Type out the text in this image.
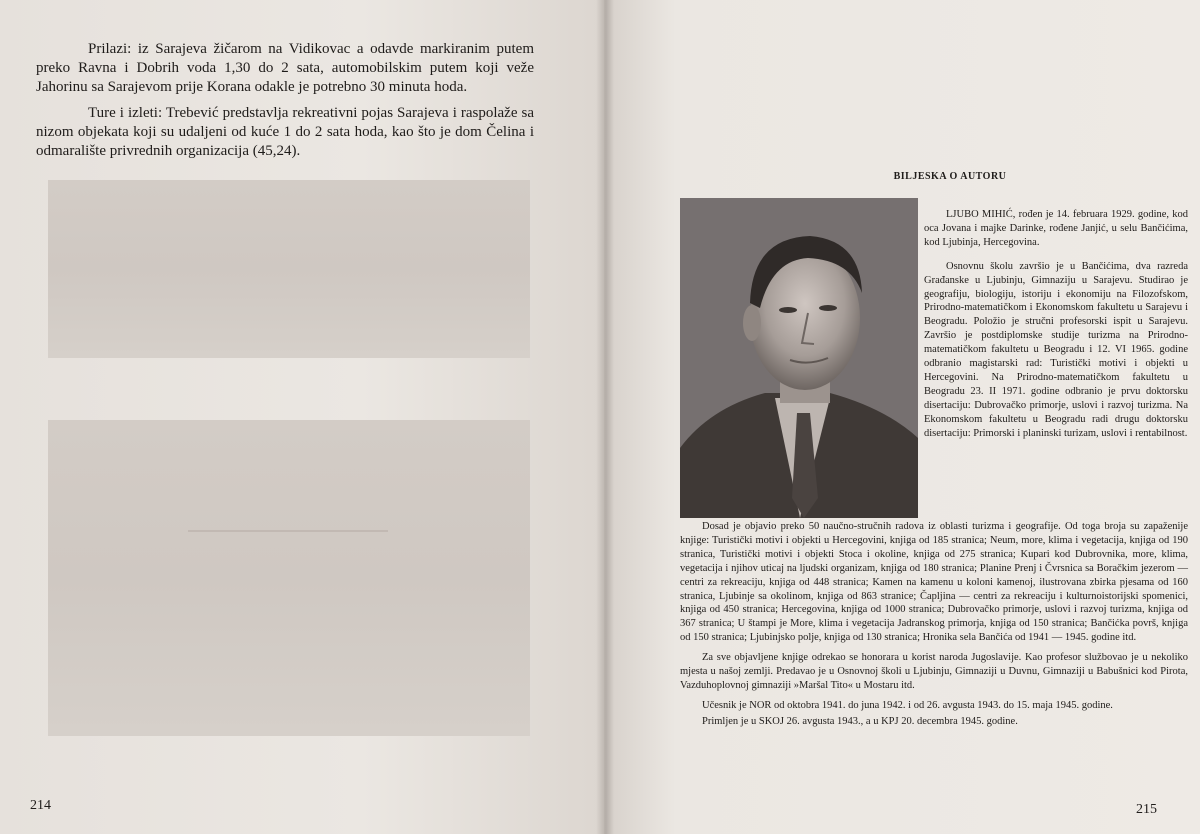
Prilazi: iz Sarajeva žičarom na Vidikovac a odavde markiranim putem preko Ravna i Dobrih voda 1,30 do 2 sata, automobilskim putem koji veže Jahorinu sa Sarajevom prije Korana odakle je potrebno 30 minuta hoda.

Ture i izleti: Trebević predstavlja rekreativni pojas Sarajeva i raspolaže sa nizom objekata koji su udaljeni od kuće 1 do 2 sata hoda, kao što je dom Čelina i odmaralište privrednih organizacija (45,24).

214
BILJESKA O AUTORU

LJUBO MIHIĆ, rođen je 14. februara 1929. godine, kod oca Jovana i majke Darinke, rođene Janjić, u selu Bančićima, kod Ljubinja, Hercegovina.

Osnovnu školu završio je u Bančićima, dva razreda Građanske u Ljubinju, Gimnaziju u Sarajevu. Studirao je geografiju, biologiju, istoriju i ekonomiju na Filozofskom, Prirodno-matematičkom i Ekonomskom fakultetu u Sarajevu i Beogradu. Položio je stručni profesorski ispit u Sarajevu. Završio je postdiplomske studije turizma na Prirodno-matematičkom fakultetu u Beogradu i 12. VI 1965. godine odbranio magistarski rad: Turistički motivi i objekti u Hercegovini. Na Prirodno-matematičkom fakultetu u Beogradu 23. II 1971. godine odbranio je prvu doktorsku disertaciju: Dubrovačko primorje, uslovi i razvoj turizma. Na Ekonomskom fakultetu u Beogradu radi drugu doktorsku disertaciju: Primorski i planinski turizam, uslovi i rentabilnost.

Dosad je objavio preko 50 naučno-stručnih radova iz oblasti turizma i geografije. Od toga broja su zapaženije knjige: Turistički motivi i objekti u Hercegovini, knjiga od 185 stranica; Neum, more, klima i vegetacija, knjiga od 190 stranica, Turistički motivi i objekti Stoca i okoline, knjiga od 275 stranica; Kupari kod Dubrovnika, more, klima, vegetacija i njihov uticaj na ljudski organizam, knjiga od 180 stranica; Planine Prenj i Čvrsnica sa Boračkim jezerom — centri za rekreaciju, knjiga od 448 stranica; Kamen na kamenu u koloni kamenoj, ilustrovana zbirka pjesama od 160 stranica, Ljubinje sa okolinom, knjiga od 863 stranice; Čapljina — centri za rekreaciju i kulturnoistorijski spomenici, knjiga od 450 stranica; Hercegovina, knjiga od 1000 stranica; Dubrovačko primorje, uslovi i razvoj turizma, knjiga od 367 stranica; U štampi je More, klima i vegetacija Jadranskog primorja, knjiga od 150 stranica; Bančićka površ, knjiga od 150 stranica; Ljubinjsko polje, knjiga od 130 stranica; Hronika sela Bančića od 1941 — 1945. godine itd.

Za sve objavljene knjige odrekao se honorara u korist naroda Jugoslavije. Kao profesor službovao je u nekoliko mjesta u našoj zemlji. Predavao je u Osnovnoj školi u Ljubinju, Gimnaziji u Duvnu, Gimnaziji u Babušnici kod Pirota, Vazduhoplovnoj gimnaziji »Maršal Tito« u Mostaru itd.

Učesnik je NOR od oktobra 1941. do juna 1942. i od 26. avgusta 1943. do 15. maja 1945. godine.

Primljen je u SKOJ 26. avgusta 1943., a u KPJ 20. decembra 1945. godine.

215
